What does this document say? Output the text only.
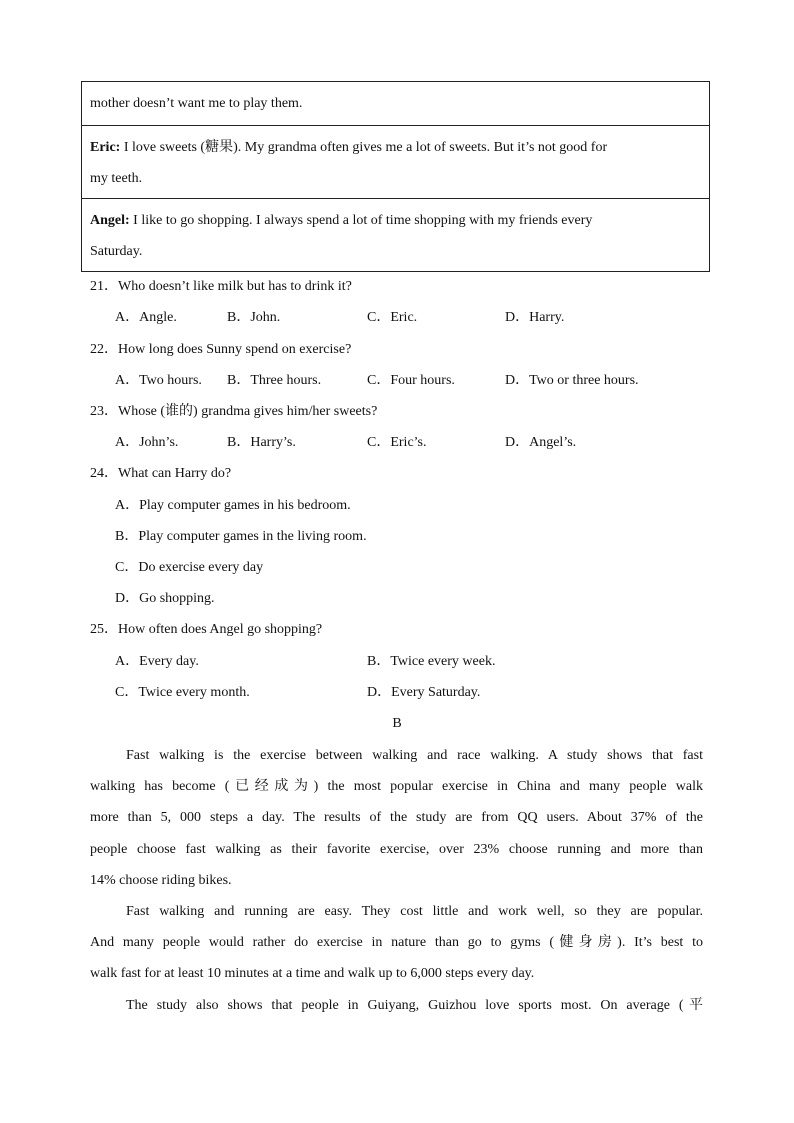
mother doesn’t want me to play them.
Eric: I love sweets (糖果). My grandma often gives me a lot of sweets. But it’s not good for
my teeth.
Angel: I like to go shopping. I always spend a lot of time shopping with my friends every
Saturday.
21．Who doesn’t like milk but has to drink it?
A．Angle.	B．John.	C．Eric.	D．Harry.
22．How long does Sunny spend on exercise?
A．Two hours. B．Three hours.	C．Four hours.	D．Two or three hours.
23．Whose (谁的) grandma gives him/her sweets?
A．John’s.	B．Harry’s.	C．Eric’s.	D．Angel’s.
24．What can Harry do?
A．Play computer games in his bedroom.
B．Play computer games in the living room.
C．Do exercise every day
D．Go shopping.
25．How often does Angel go shopping?
A．Every day.	B．Twice every week.
C．Twice every month.	D．Every Saturday.
B
Fast walking is the exercise between walking and race walking. A study shows that fast
walking has become (已经成为) the most popular exercise in China and many people walk
more than 5, 000 steps a day. The results of the study are from QQ users. About 37% of the
people choose fast walking as their favorite exercise, over 23% choose running and more than
14% choose riding bikes.
Fast walking and running are easy. They cost little and work well, so they are popular.
And many people would rather do exercise in nature than go to gyms (健身房). It’s best to
walk fast for at least 10 minutes at a time and walk up to 6,000 steps every day.
The study also shows that people in Guiyang, Guizhou love sports most. On average (平
